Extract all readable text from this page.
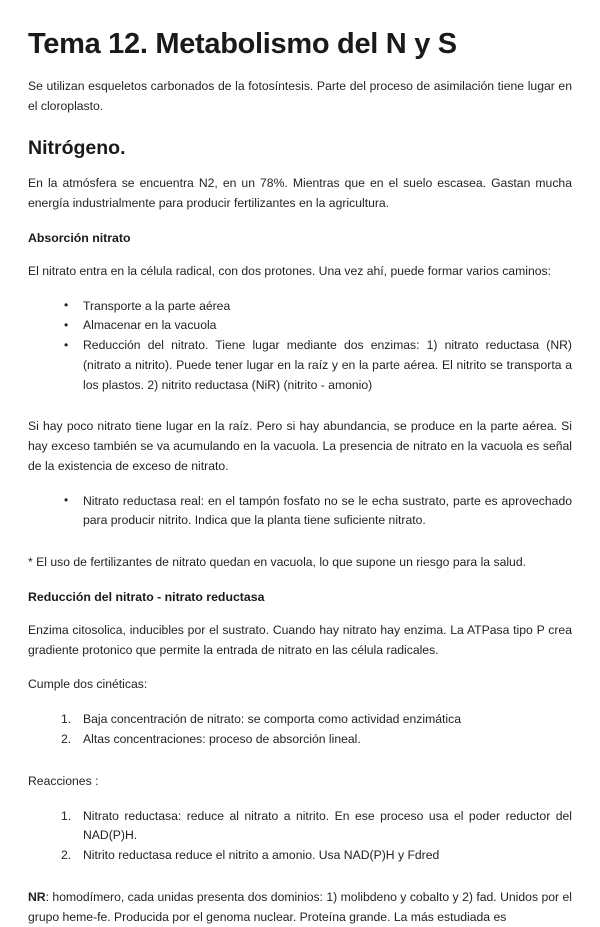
Tema 12. Metabolismo del N y S

Se utilizan esqueletos carbonados de la fotosíntesis. Parte del proceso de asimilación tiene lugar en el cloroplasto.

Nitrógeno.

En la atmósfera se encuentra N2, en un 78%. Mientras que en el suelo escasea. Gastan mucha energía industrialmente para producir fertilizantes en la agricultura.

Absorción nitrato

El nitrato entra en la célula radical, con dos protones. Una vez ahí, puede formar varios caminos:

• Transporte a la parte aérea
• Almacenar en la vacuola
• Reducción del nitrato. Tiene lugar mediante dos enzimas: 1) nitrato reductasa (NR) (nitrato a nitrito). Puede tener lugar en la raíz y en la parte aérea. El nitrito se transporta a los plastos. 2) nitrito reductasa (NiR) (nitrito - amonio)

Si hay poco nitrato tiene lugar en la raíz. Pero si hay abundancia, se produce en la parte aérea. Si hay exceso también se va acumulando en la vacuola. La presencia de nitrato en la vacuola es señal de la existencia de exceso de nitrato.

• Nitrato reductasa real: en el tampón fosfato no se le echa sustrato, parte es aprovechado para producir nitrito. Indica que la planta tiene suficiente nitrato.

* El uso de fertilizantes de nitrato quedan en vacuola, lo que supone un riesgo para la salud.

Reducción del nitrato - nitrato reductasa

Enzima citosolica, inducibles por el sustrato. Cuando hay nitrato hay enzima. La ATPasa tipo P crea gradiente protonico que permite la entrada de nitrato en las célula radicales.

Cumple dos cinéticas:

Baja concentración de nitrato: se comporta como actividad enzimática
Altas concentraciones: proceso de absorción lineal.

Reacciones :

Nitrato reductasa: reduce al nitrato a nitrito. En ese proceso usa el poder reductor del NAD(P)H.
Nitrito reductasa reduce el nitrito a amonio. Usa NAD(P)H y Fdred

NR: homodímero, cada unidas presenta dos dominios: 1) molibdeno y cobalto y 2) fad. Unidos por el grupo heme-fe. Producida por el genoma nuclear. Proteína grande. La más estudiada es
